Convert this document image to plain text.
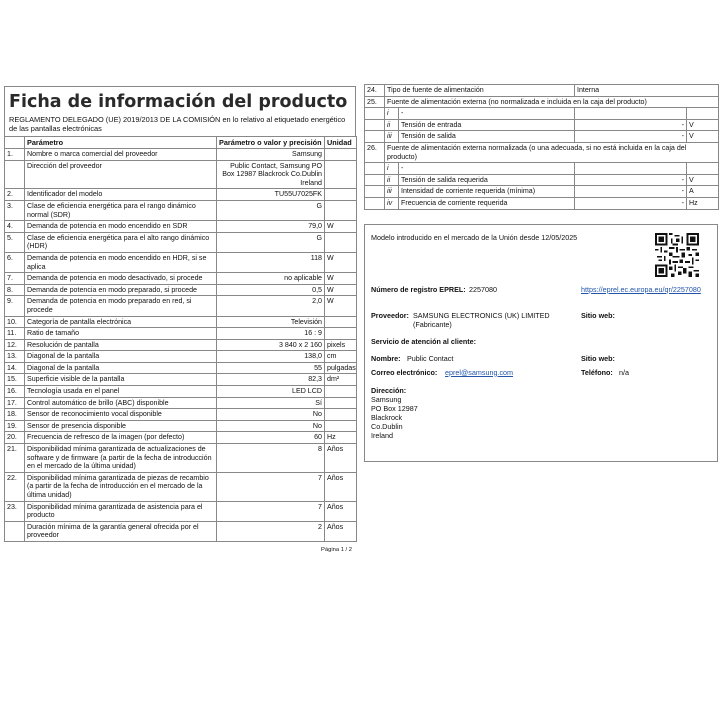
Ficha de información del producto
REGLAMENTO DELEGADO (UE) 2019/2013 DE LA COMISIÓN en lo relativo al etiquetado energético de las pantallas electrónicas
	Parámetro	Parámetro o valor y precisión	Unidad
1.	Nombre o marca comercial del proveedor	Samsung	
	Dirección del proveedor	Public Contact, Samsung PO Box 12987 Blackrock Co.Dublin Ireland	
2.	Identificador del modelo	TU55U7025FK	
3.	Clase de eficiencia energética para el rango dinámico normal (SDR)	G	
4.	Demanda de potencia en modo encendido en SDR	79,0	W
5.	Clase de eficiencia energética para el alto rango dinámico (HDR)	G	
6.	Demanda de potencia en modo encendido en HDR, si se aplica	118	W
7.	Demanda de potencia en modo desactivado, si procede	no aplicable	W
8.	Demanda de potencia en modo preparado, si procede	0,5	W
9.	Demanda de potencia en modo preparado en red, si procede	2,0	W
10.	Categoría de pantalla electrónica	Televisión	
11.	Ratio de tamaño	16 : 9	
12.	Resolución de pantalla	3 840 x 2 160	pixels
13.	Diagonal de la pantalla	138,0	cm
14.	Diagonal de la pantalla	55	pulgadas
15.	Superficie visible de la pantalla	82,3	dm²
16.	Tecnología usada en el panel	LED LCD	
17.	Control automático de brillo (ABC) disponible	Sí	
18.	Sensor de reconocimiento vocal disponible	No	
19.	Sensor de presencia disponible	No	
20.	Frecuencia de refresco de la imagen (por defecto)	60	Hz
21.	Disponibilidad mínima garantizada de actualizaciones de software y de firmware (a partir de la fecha de introducción en el mercado de la última unidad)	8	Años
22.	Disponibilidad mínima garantizada de piezas de recambio (a partir de la fecha de introducción en el mercado de la última unidad)	7	Años
23.	Disponibilidad mínima garantizada de asistencia para el producto	7	Años
	Duración mínima de la garantía general ofrecida por el proveedor	2	Años
Página 1 / 2
24.	Tipo de fuente de alimentación		Interna	
25.	Fuente de alimentación externa (no normalizada e incluida en la caja del producto)			
	i	-		
	ii	Tensión de entrada	-	V
	iii	Tensión de salida	-	V
26.	Fuente de alimentación externa normalizada (o una adecuada, si no está incluida en la caja del producto)			
	i	-		
	ii	Tensión de salida requerida	-	V
	iii	Intensidad de corriente requerida (mínima)	-	A
	iv	Frecuencia de corriente requerida	-	Hz
Modelo introducido en el mercado de la Unión desde 12/05/2025
Número de registro EPREL: 2257080	https://eprel.ec.europa.eu/qr/2257080
Proveedor: SAMSUNG ELECTRONICS (UK) LIMITED (Fabricante)
Sitio web:
Servicio de atención al cliente:
Nombre: Public Contact	Sitio web:
Correo electrónico: eprel@samsung.com	Teléfono: n/a
Dirección:
Samsung
PO Box 12987
Blackrock
Co.Dublin
Ireland
